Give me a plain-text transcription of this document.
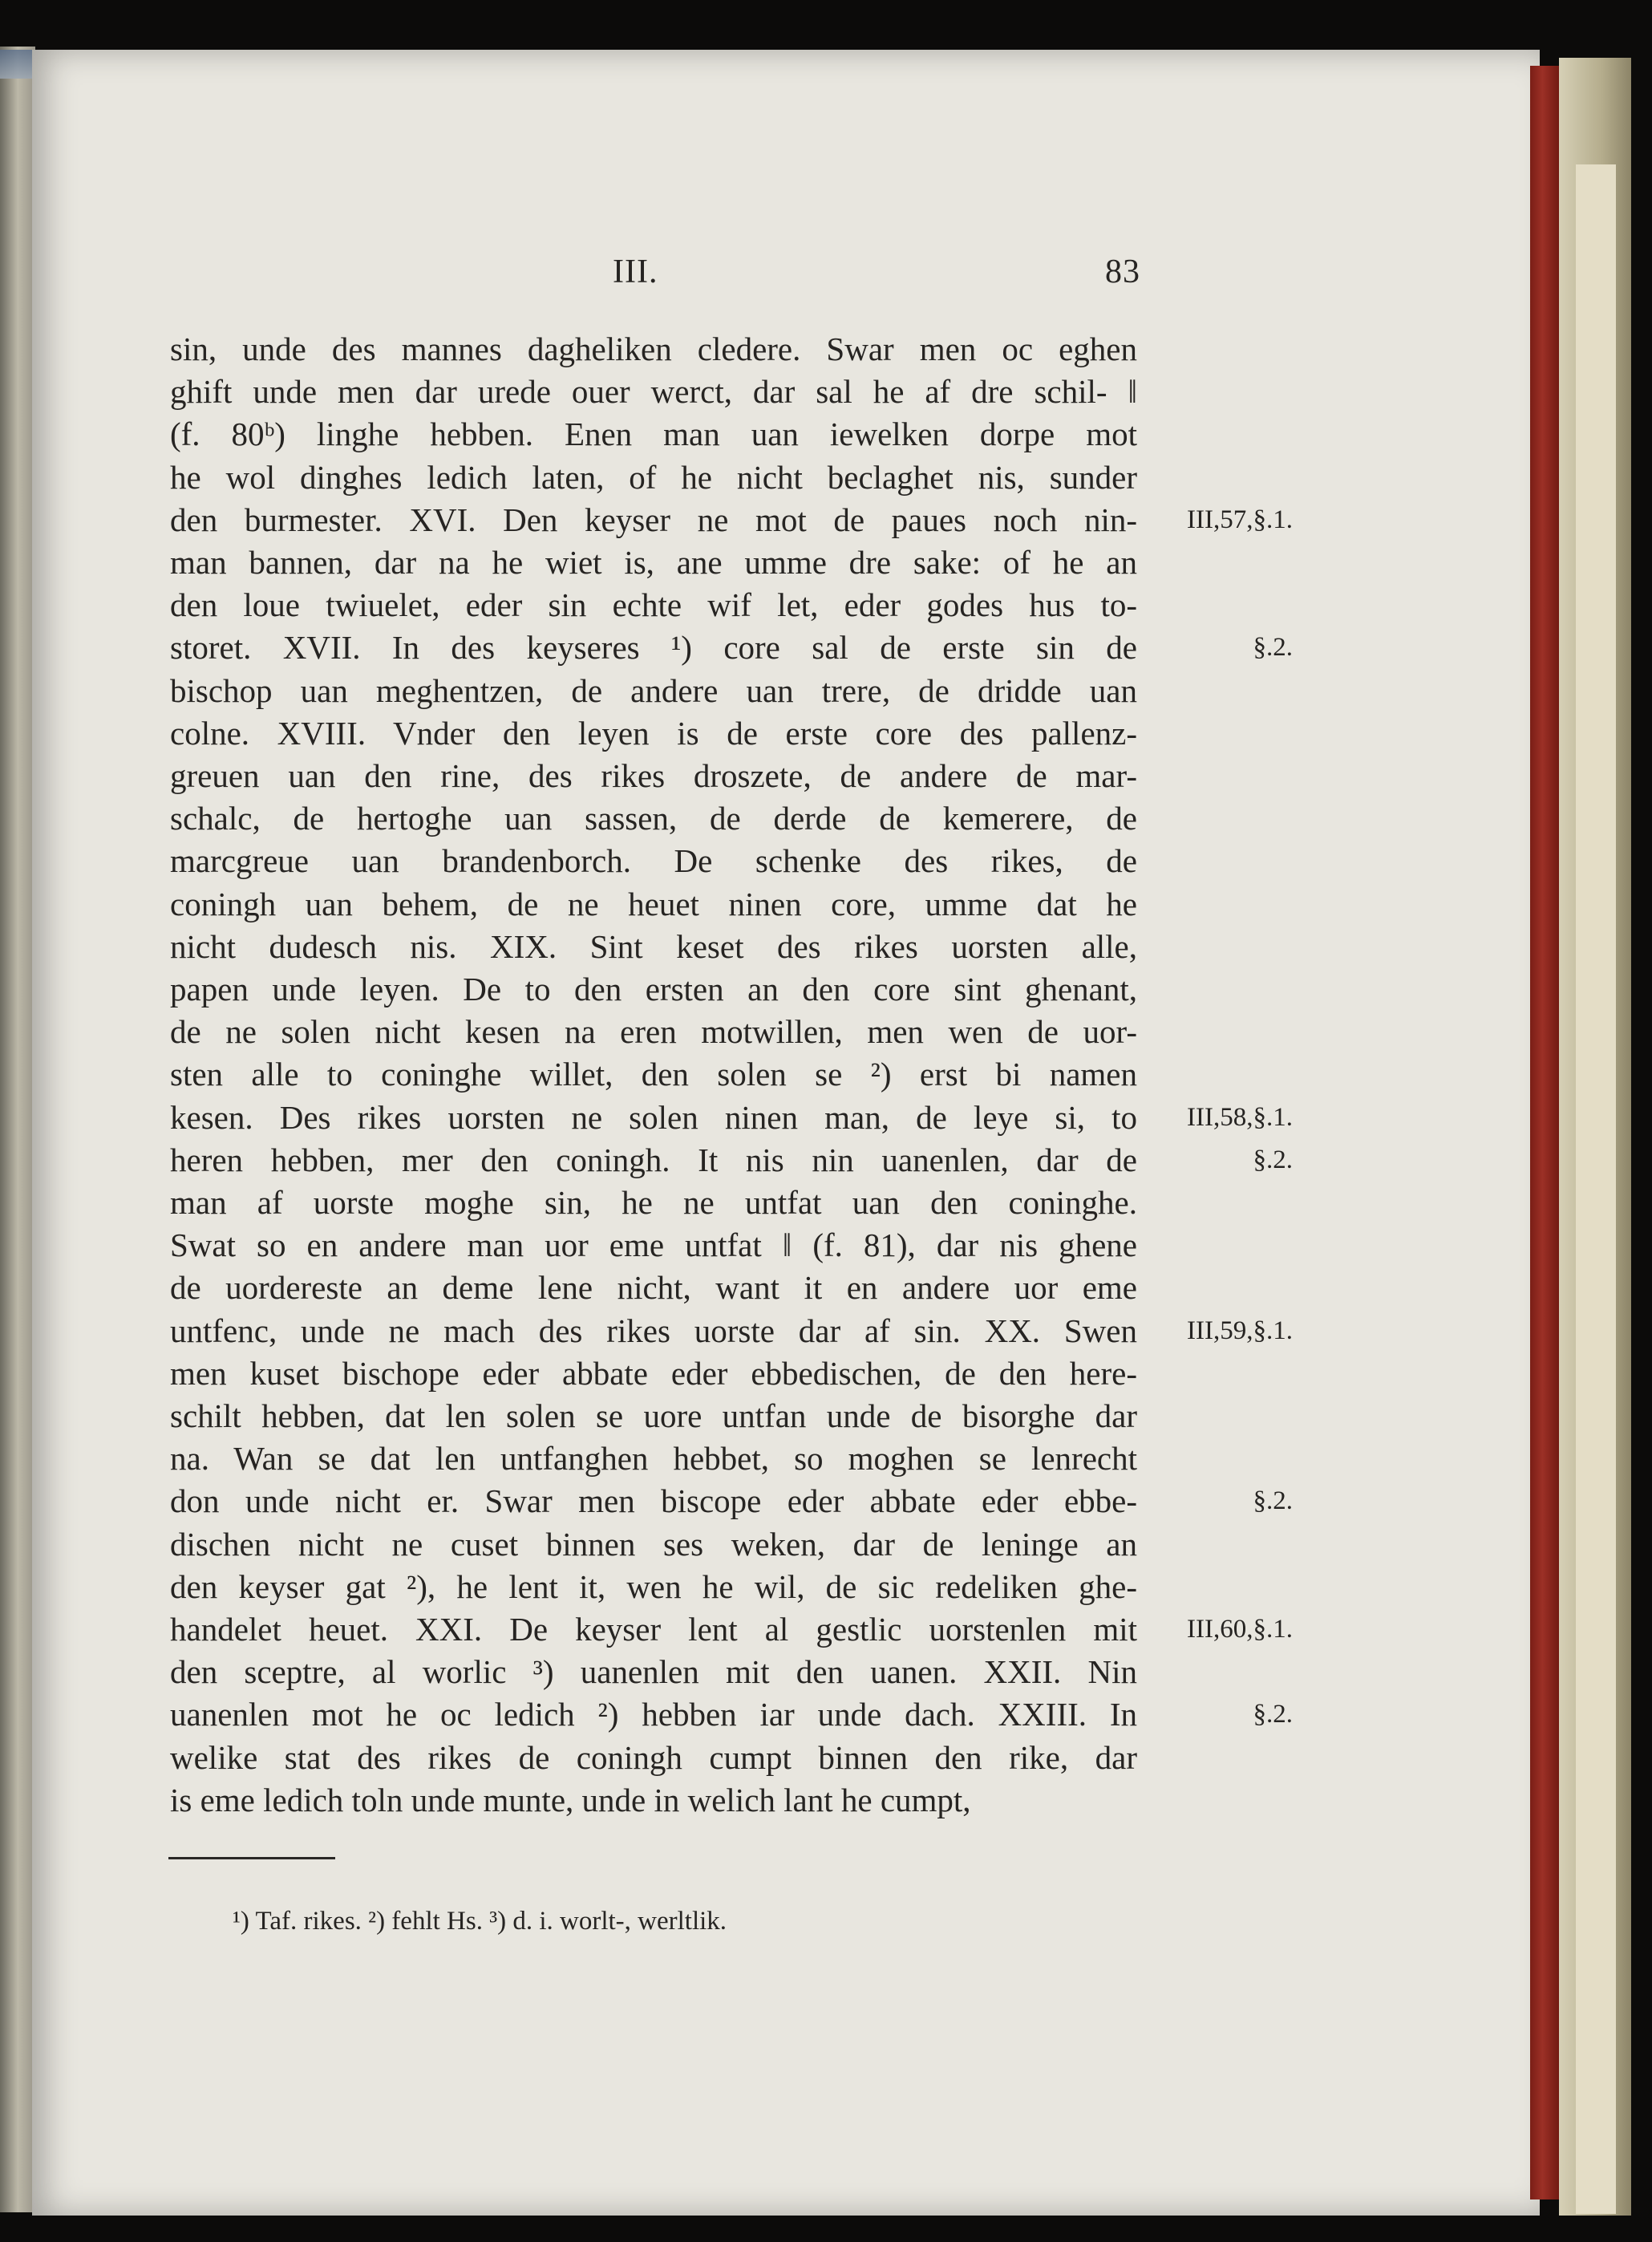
III.	83
sin, unde des mannes dagheliken cledere. Swar men oc eghen
ghift unde men dar urede ouer werct, dar sal he af dre schil- ‖
(f. 80ᵇ) linghe hebben. Enen man uan iewelken dorpe mot
he wol dinghes ledich laten, of he nicht beclaghet nis, sunder
den burmester. XVI. Den keyser ne mot de paues noch nin-
man bannen, dar na he wiet is, ane umme dre sake: of he an
den loue twiuelet, eder sin echte wif let, eder godes hus to-
storet. XVII. In des keyseres ¹) core sal de erste sin de
bischop uan meghentzen, de andere uan trere, de dridde uan
colne. XVIII. Vnder den leyen is de erste core des pallenz-
greuen uan den rine, des rikes droszete, de andere de mar-
schalc, de hertoghe uan sassen, de derde de kemerere, de
marcgreue uan brandenborch. De schenke des rikes, de
coningh uan behem, de ne heuet ninen core, umme dat he
nicht dudesch nis. XIX. Sint keset des rikes uorsten alle,
papen unde leyen. De to den ersten an den core sint ghenant,
de ne solen nicht kesen na eren motwillen, men wen de uor-
sten alle to coninghe willet, den solen se ²) erst bi namen
kesen. Des rikes uorsten ne solen ninen man, de leye si, to
heren hebben, mer den coningh. It nis nin uanenlen, dar de
man af uorste moghe sin, he ne untfat uan den coninghe.
Swat so en andere man uor eme untfat ‖ (f. 81), dar nis ghene
de uordereste an deme lene nicht, want it en andere uor eme
untfenc, unde ne mach des rikes uorste dar af sin. XX. Swen
men kuset bischope eder abbate eder ebbedischen, de den here-
schilt hebben, dat len solen se uore untfan unde de bisorghe dar
na. Wan se dat len untfanghen hebbet, so moghen se lenrecht
don unde nicht er. Swar men biscope eder abbate eder ebbe-
dischen nicht ne cuset binnen ses weken, dar de leninge an
den keyser gat ²), he lent it, wen he wil, de sic redeliken ghe-
handelet heuet. XXI. De keyser lent al gestlic uorstenlen mit
den sceptre, al worlic ³) uanenlen mit den uanen. XXII. Nin
uanenlen mot he oc ledich ²) hebben iar unde dach. XXIII. In
welike stat des rikes de coningh cumpt binnen den rike, dar
is eme ledich toln unde munte, unde in welich lant he cumpt,
III,57,§.1.
§.2.
III,58,§.1.
§.2.
III,59,§.1.
§.2.
III,60,§.1.
§.2.
¹) Taf. rikes. ²) fehlt Hs. ³) d. i. worlt-, werltlik.
